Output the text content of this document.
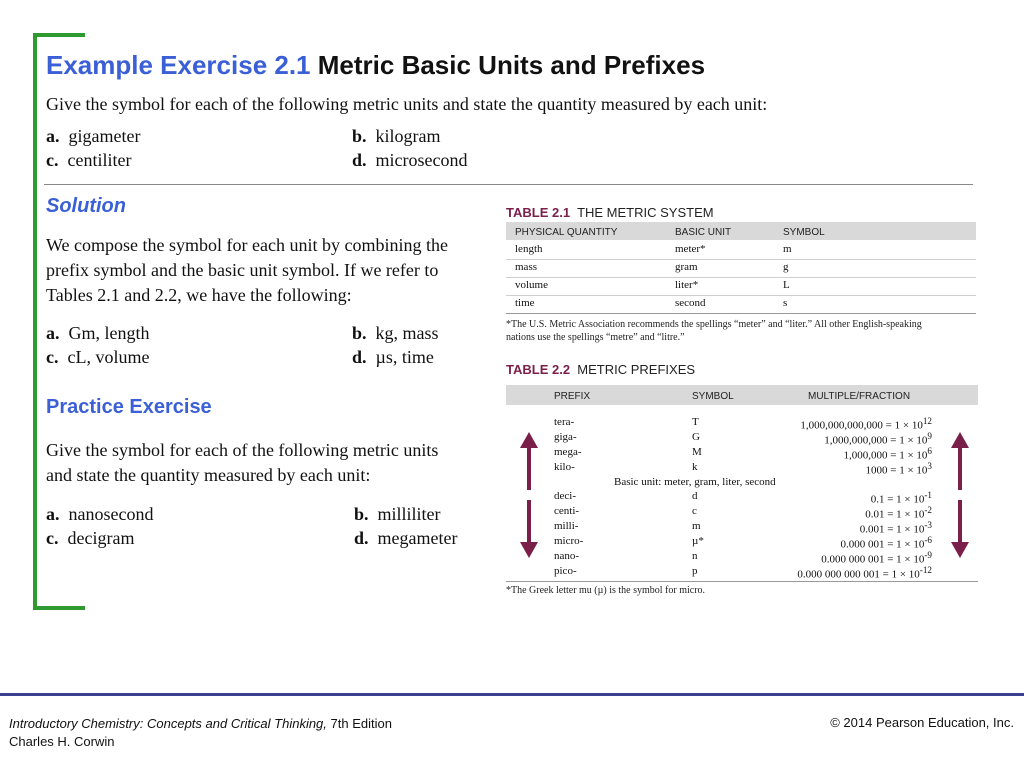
Example Exercise 2.1 Metric Basic Units and Prefixes
Give the symbol for each of the following metric units and state the quantity measured by each unit:
a. gigameter	b. kilogram
c. centiliter	d. microsecond
Solution
We compose the symbol for each unit by combining the
prefix symbol and the basic unit symbol. If we refer to
Tables 2.1 and 2.2, we have the following:
a. Gm, length	b. kg, mass
c. cL, volume	d. µs, time
Practice Exercise
Give the symbol for each of the following metric units
and state the quantity measured by each unit:
a. nanosecond	b. milliliter
c. decigram	d. megameter
TABLE 2.1 THE METRIC SYSTEM
PHYSICAL QUANTITY	BASIC UNIT	SYMBOL
length	meter*	m
mass	gram	g
volume	liter*	L
time	second	s
*The U.S. Metric Association recommends the spellings “meter” and “liter.” All other English-speaking
nations use the spellings “metre” and “litre.”
TABLE 2.2 METRIC PREFIXES
PREFIX	SYMBOL	MULTIPLE/FRACTION
tera-	T	$1,000,000,000,000 = 1 \times 10^{12}$
giga-	G	$1,000,000,000 = 1 \times 10^9$
mega-	M	$1,000,000 = 1 \times 10^6$
kilo-	k	$1000 = 1 \times 10^3$
Basic unit: meter, gram, liter, second
deci-	d	$0.1 = 1 \times 10^{-1}$
centi-	c	$0.01 = 1 \times 10^{-2}$
milli-	m	$0.001 = 1 \times 10^{-3}$
micro-	µ*	0.000 $001 = 1 \times 10^{-6}$
nano-	n	0.000 000 $001 = 1 \times 10^{-9}$
pico-	p	0.000 000 000 $001 = 1 \times 10^{-12}$
*The Greek letter mu (µ) is the symbol for micro.
Introductory Chemistry: Concepts and Critical Thinking, 7th Edition
Charles H. Corwin
© 2014 Pearson Education, Inc.
